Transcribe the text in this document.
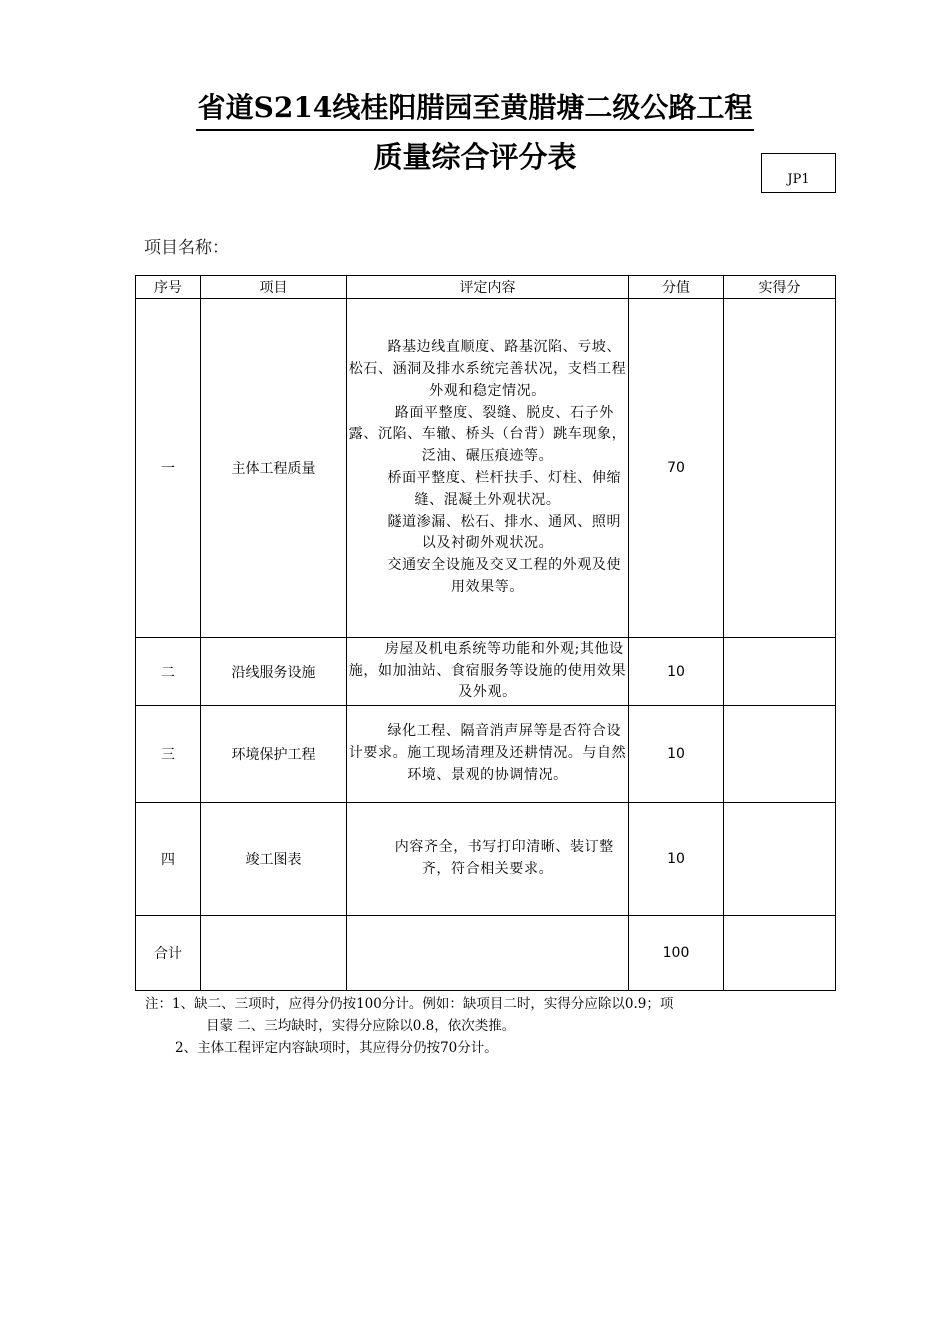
省道S214线桂阳腊园至黄腊塘二级公路工程
质量综合评分表
JP1
项目名称：
序号	项目	评定内容	分值	实得分
一	主体工程质量	路基边线直顺度、路基沉陷、亏坡、松石、涵洞及排水系统完善状况，支档工程外观和稳定情况。

路面平整度、裂缝、脱皮、石子外露、沉陷、车辙、桥头（台背）跳车现象，泛油、碾压痕迹等。

桥面平整度、栏杆扶手、灯柱、伸缩缝、混凝土外观状况。

隧道渗漏、松石、排水、通风、照明以及衬砌外观状况。

交通安全设施及交叉工程的外观及使用效果等。	70	
二	沿线服务设施	房屋及机电系统等功能和外观;其他设施，如加油站、食宿服务等设施的使用效果及外观。	10	
三	环境保护工程	绿化工程、隔音消声屏等是否符合设计要求。施工现场清理及还耕情况。与自然环境、景观的协调情况。	10	
四	竣工图表	内容齐全，书写打印清晰、装订整齐，符合相关要求。	10	
合计			100	

注：1、缺二、三项时，应得分仍按100分计。例如：缺项目二时，实得分应除以0.9；项

目蒙 二、三均缺时，实得分应除以0.8，依次类推。

2、主体工程评定内容缺项时，其应得分仍按70分计。
